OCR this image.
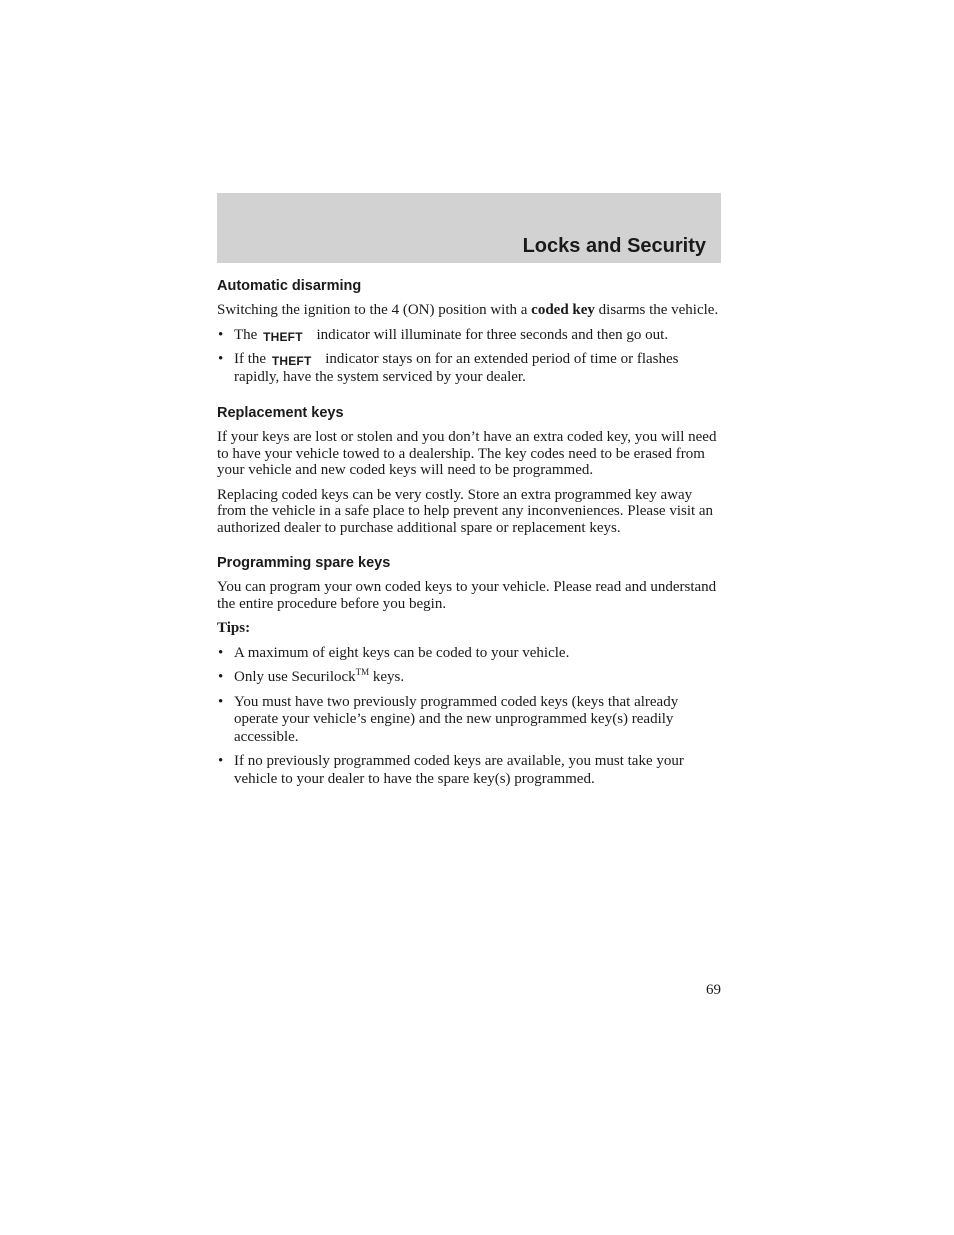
Locks and Security
Automatic disarming

Switching the ignition to the 4 (ON) position with a coded key disarms the vehicle.

• The THEFT indicator will illuminate for three seconds and then go out.
• If the THEFT indicator stays on for an extended period of time or flashes rapidly, have the system serviced by your dealer.
Replacement keys

If your keys are lost or stolen and you don’t have an extra coded key, you will need to have your vehicle towed to a dealership. The key codes need to be erased from your vehicle and new coded keys will need to be programmed.

Replacing coded keys can be very costly. Store an extra programmed key away from the vehicle in a safe place to help prevent any inconveniences. Please visit an authorized dealer to purchase additional spare or replacement keys.

Programming spare keys

You can program your own coded keys to your vehicle. Please read and understand the entire procedure before you begin.

Tips:

• A maximum of eight keys can be coded to your vehicle.
• Only use Securilock™ keys.
• You must have two previously programmed coded keys (keys that already operate your vehicle’s engine) and the new unprogrammed key(s) readily accessible.
• If no previously programmed coded keys are available, you must take your vehicle to your dealer to have the spare key(s) programmed.
69
